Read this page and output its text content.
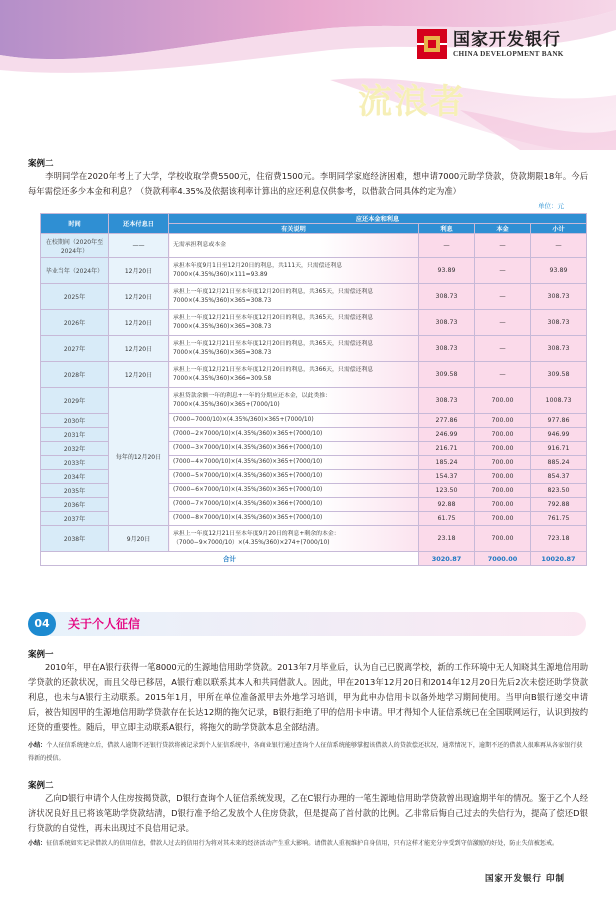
国家开发银行
CHINA DEVELOPMENT BANK
流浪者
案例二
李明同学在2020年考上了大学，学校收取学费5500元，住宿费1500元。李明同学家庭经济困难，想申请7000元助学贷款，贷款期限18年。今后每年需偿还多少本金和利息？（贷款利率4.35%及依据该利率计算出的应还利息仅供参考，以借款合同具体约定为准）
单位：元
时间	还本付息日	应还本金和利息			
		有关说明	利息	本金	小计
在校期间（2020年至2024年）	——	无需承担利息或本金	—	—	—
毕业当年（2024年）	12月20日	承担本年度9月1日至12月20日的利息，共111天，只需偿还利息
7000×(4.35%/360)×111=93.89	93.89	—	93.89
2025年	12月20日	承担上一年度12月21日至本年度12月20日的利息，共365天，只需偿还利息
7000×(4.35%/360)×365=308.73	308.73	—	308.73
2026年	12月20日	承担上一年度12月21日至本年度12月20日的利息，共365天，只需偿还利息
7000×(4.35%/360)×365=308.73	308.73	—	308.73
2027年	12月20日	承担上一年度12月21日至本年度12月20日的利息，共365天，只需偿还利息
7000×(4.35%/360)×365=308.73	308.73	—	308.73
2028年	12月20日	承担上一年度12月21日至本年度12月20日的利息，共366天，只需偿还利息
7000×(4.35%/360)×366=309.58	309.58	—	309.58
2029年	每年的12月20日	承担贷款余额一年的利息+一年的分期应还本金，以此类推：
7000×(4.35%/360)×365+(7000/10)	308.73	700.00	1008.73
2030年		(7000−7000/10)×(4.35%/360)×365+(7000/10)	277.86	700.00	977.86
2031年		(7000−2×7000/10)×(4.35%/360)×365+(7000/10)	246.99	700.00	946.99
2032年		(7000−3×7000/10)×(4.35%/360)×366+(7000/10)	216.71	700.00	916.71
2033年		(7000−4×7000/10)×(4.35%/360)×365+(7000/10)	185.24	700.00	885.24
2034年		(7000−5×7000/10)×(4.35%/360)×365+(7000/10)	154.37	700.00	854.37
2035年		(7000−6×7000/10)×(4.35%/360)×365+(7000/10)	123.50	700.00	823.50
2036年		(7000−7×7000/10)×(4.35%/360)×366+(7000/10)	92.88	700.00	792.88
2037年		(7000−8×7000/10)×(4.35%/360)×365+(7000/10)	61.75	700.00	761.75
2038年	9月20日	承担上一年度12月21日至本年度9月20日的利息+剩余的本金：
（7000−9×7000/10）×(4.35%/360)×274+(7000/10)	23.18	700.00	723.18
合计			3020.87	7000.00	10020.87
04	关于个人征信
案例一
2010年，甲在A银行获得一笔8000元的生源地信用助学贷款。2013年7月毕业后，认为自己已脱离学校，新的工作环境中无人知晓其生源地信用助学贷款的还款状况，而且父母已移居，A银行难以联系其本人和共同借款人。因此，甲在2013年12月20日和2014年12月20日先后2次未偿还助学贷款利息，也未与A银行主动联系。2015年1月，甲所在单位准备派甲去外地学习培训，甲为此申办信用卡以备外地学习期间使用。当甲向B银行递交申请后，被告知因甲的生源地信用助学贷款存在长达12期的拖欠记录，B银行拒绝了甲的信用卡申请。甲才得知个人征信系统已在全国联网运行，认识到按约还贷的重要性。随后，甲立即主动联系A银行，将拖欠的助学贷款本息全部结清。
小结：个人征信系统建立后，借款人逾期不还银行贷款将被记录到个人征信系统中，各商业银行通过查询个人征信系统能够掌握该借款人的贷款偿还状况，通常情况下，逾期不还的借款人很难再从各家银行获得新的授信。
案例二
乙向D银行申请个人住房按揭贷款，D银行查询个人征信系统发现，乙在C银行办理的一笔生源地信用助学贷款曾出现逾期半年的情况。鉴于乙个人经济状况良好且已将该笔助学贷款结清，D银行准予给乙发放个人住房贷款，但是提高了首付款的比例。乙非常后悔自己过去的失信行为，提高了偿还D银行贷款的自觉性，再未出现过不良信用记录。
小结：征信系统如实记录借款人的信用信息，借款人过去的信用行为将对其未来的经济活动产生重大影响。请借款人重视维护自身信用，只有这样才能充分享受到守信激励的好处，防止失信被惩戒。
国家开发银行 印制
